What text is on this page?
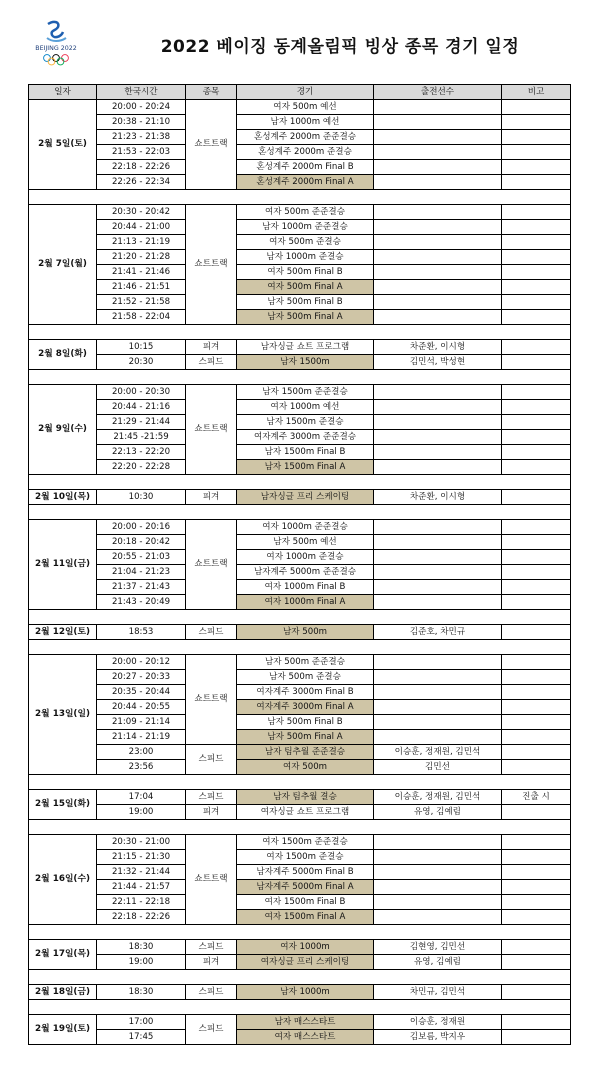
BEIJING 2022	2022 베이징 동계올림픽 빙상 종목 경기 일정
일자	한국시간	종목	경기	출전선수	비고
2월 5일(토)	20:00 - 20:24	쇼트트랙	여자 500m 예선		
	20:38 - 21:10		남자 1000m 예선		
	21:23 - 21:38		혼성계주 2000m 준준결승		
	21:53 - 22:03		혼성계주 2000m 준결승		
	22:18 - 22:26		혼성계주 2000m Final B		
	22:26 - 22:34		혼성계주 2000m Final A		

2월 7일(월)	20:30 - 20:42	쇼트트랙	여자 500m 준준결승		
	20:44 - 21:00		남자 1000m 준준결승		
	21:13 - 21:19		여자 500m 준결승		
	21:20 - 21:28		남자 1000m 준결승		
	21:41 - 21:46		여자 500m Final B		
	21:46 - 21:51		여자 500m Final A		
	21:52 - 21:58		남자 500m Final B		
	21:58 - 22:04		남자 500m Final A		

2월 8일(화)	10:15	피겨	남자싱글 쇼트 프로그램	차준환, 이시형	
	20:30	스피드	남자 1500m	김민석, 박성현	

2월 9일(수)	20:00 - 20:30	쇼트트랙	남자 1500m 준준결승		
	20:44 - 21:16		여자 1000m 예선		
	21:29 - 21:44		남자 1500m 준결승		
	21:45 -21:59		여자계주 3000m 준준결승		
	22:13 - 22:20		남자 1500m Final B		
	22:20 - 22:28		남자 1500m Final A		

2월 10일(목)	10:30	피겨	남자싱글 프리 스케이팅	차준환, 이시형	

2월 11일(금)	20:00 - 20:16	쇼트트랙	여자 1000m 준준결승		
	20:18 - 20:42		남자 500m 예선		
	20:55 - 21:03		여자 1000m 준결승		
	21:04 - 21:23		남자계주 5000m 준준결승		
	21:37 - 21:43		여자 1000m Final B		
	21:43 - 20:49		여자 1000m Final A		

2월 12일(토)	18:53	스피드	남자 500m	김준호, 차민규	

2월 13일(일)	20:00 - 20:12	쇼트트랙	남자 500m 준준결승		
	20:27 - 20:33		남자 500m 준결승		
	20:35 - 20:44		여자계주 3000m Final B		
	20:44 - 20:55		여자계주 3000m Final A		
	21:09 - 21:14		남자 500m Final B		
	21:14 - 21:19		남자 500m Final A		
	23:00	스피드	남자 팀추월 준준결승	이승훈, 정재원, 김민석	
	23:56		여자 500m	김민선	

2월 15일(화)	17:04	스피드	남자 팀추월 결승	이승훈, 정재원, 김민석	진출 시
	19:00	피겨	여자싱글 쇼트 프로그램	유영, 김예림	

2월 16일(수)	20:30 - 21:00	쇼트트랙	여자 1500m 준준결승		
	21:15 - 21:30		여자 1500m 준결승		
	21:32 - 21:44		남자계주 5000m Final B		
	21:44 - 21:57		남자계주 5000m Final A		
	22:11 - 22:18		여자 1500m Final B		
	22:18 - 22:26		여자 1500m Final A		

2월 17일(목)	18:30	스피드	여자 1000m	김현영, 김민선	
	19:00	피겨	여자싱글 프리 스케이팅	유영, 김예림	

2월 18일(금)	18:30	스피드	남자 1000m	차민규, 김민석	

2월 19일(토)	17:00	스피드	남자 매스스타트	이승훈, 정재원	
	17:45		여자 매스스타트	김보름, 박지우	
